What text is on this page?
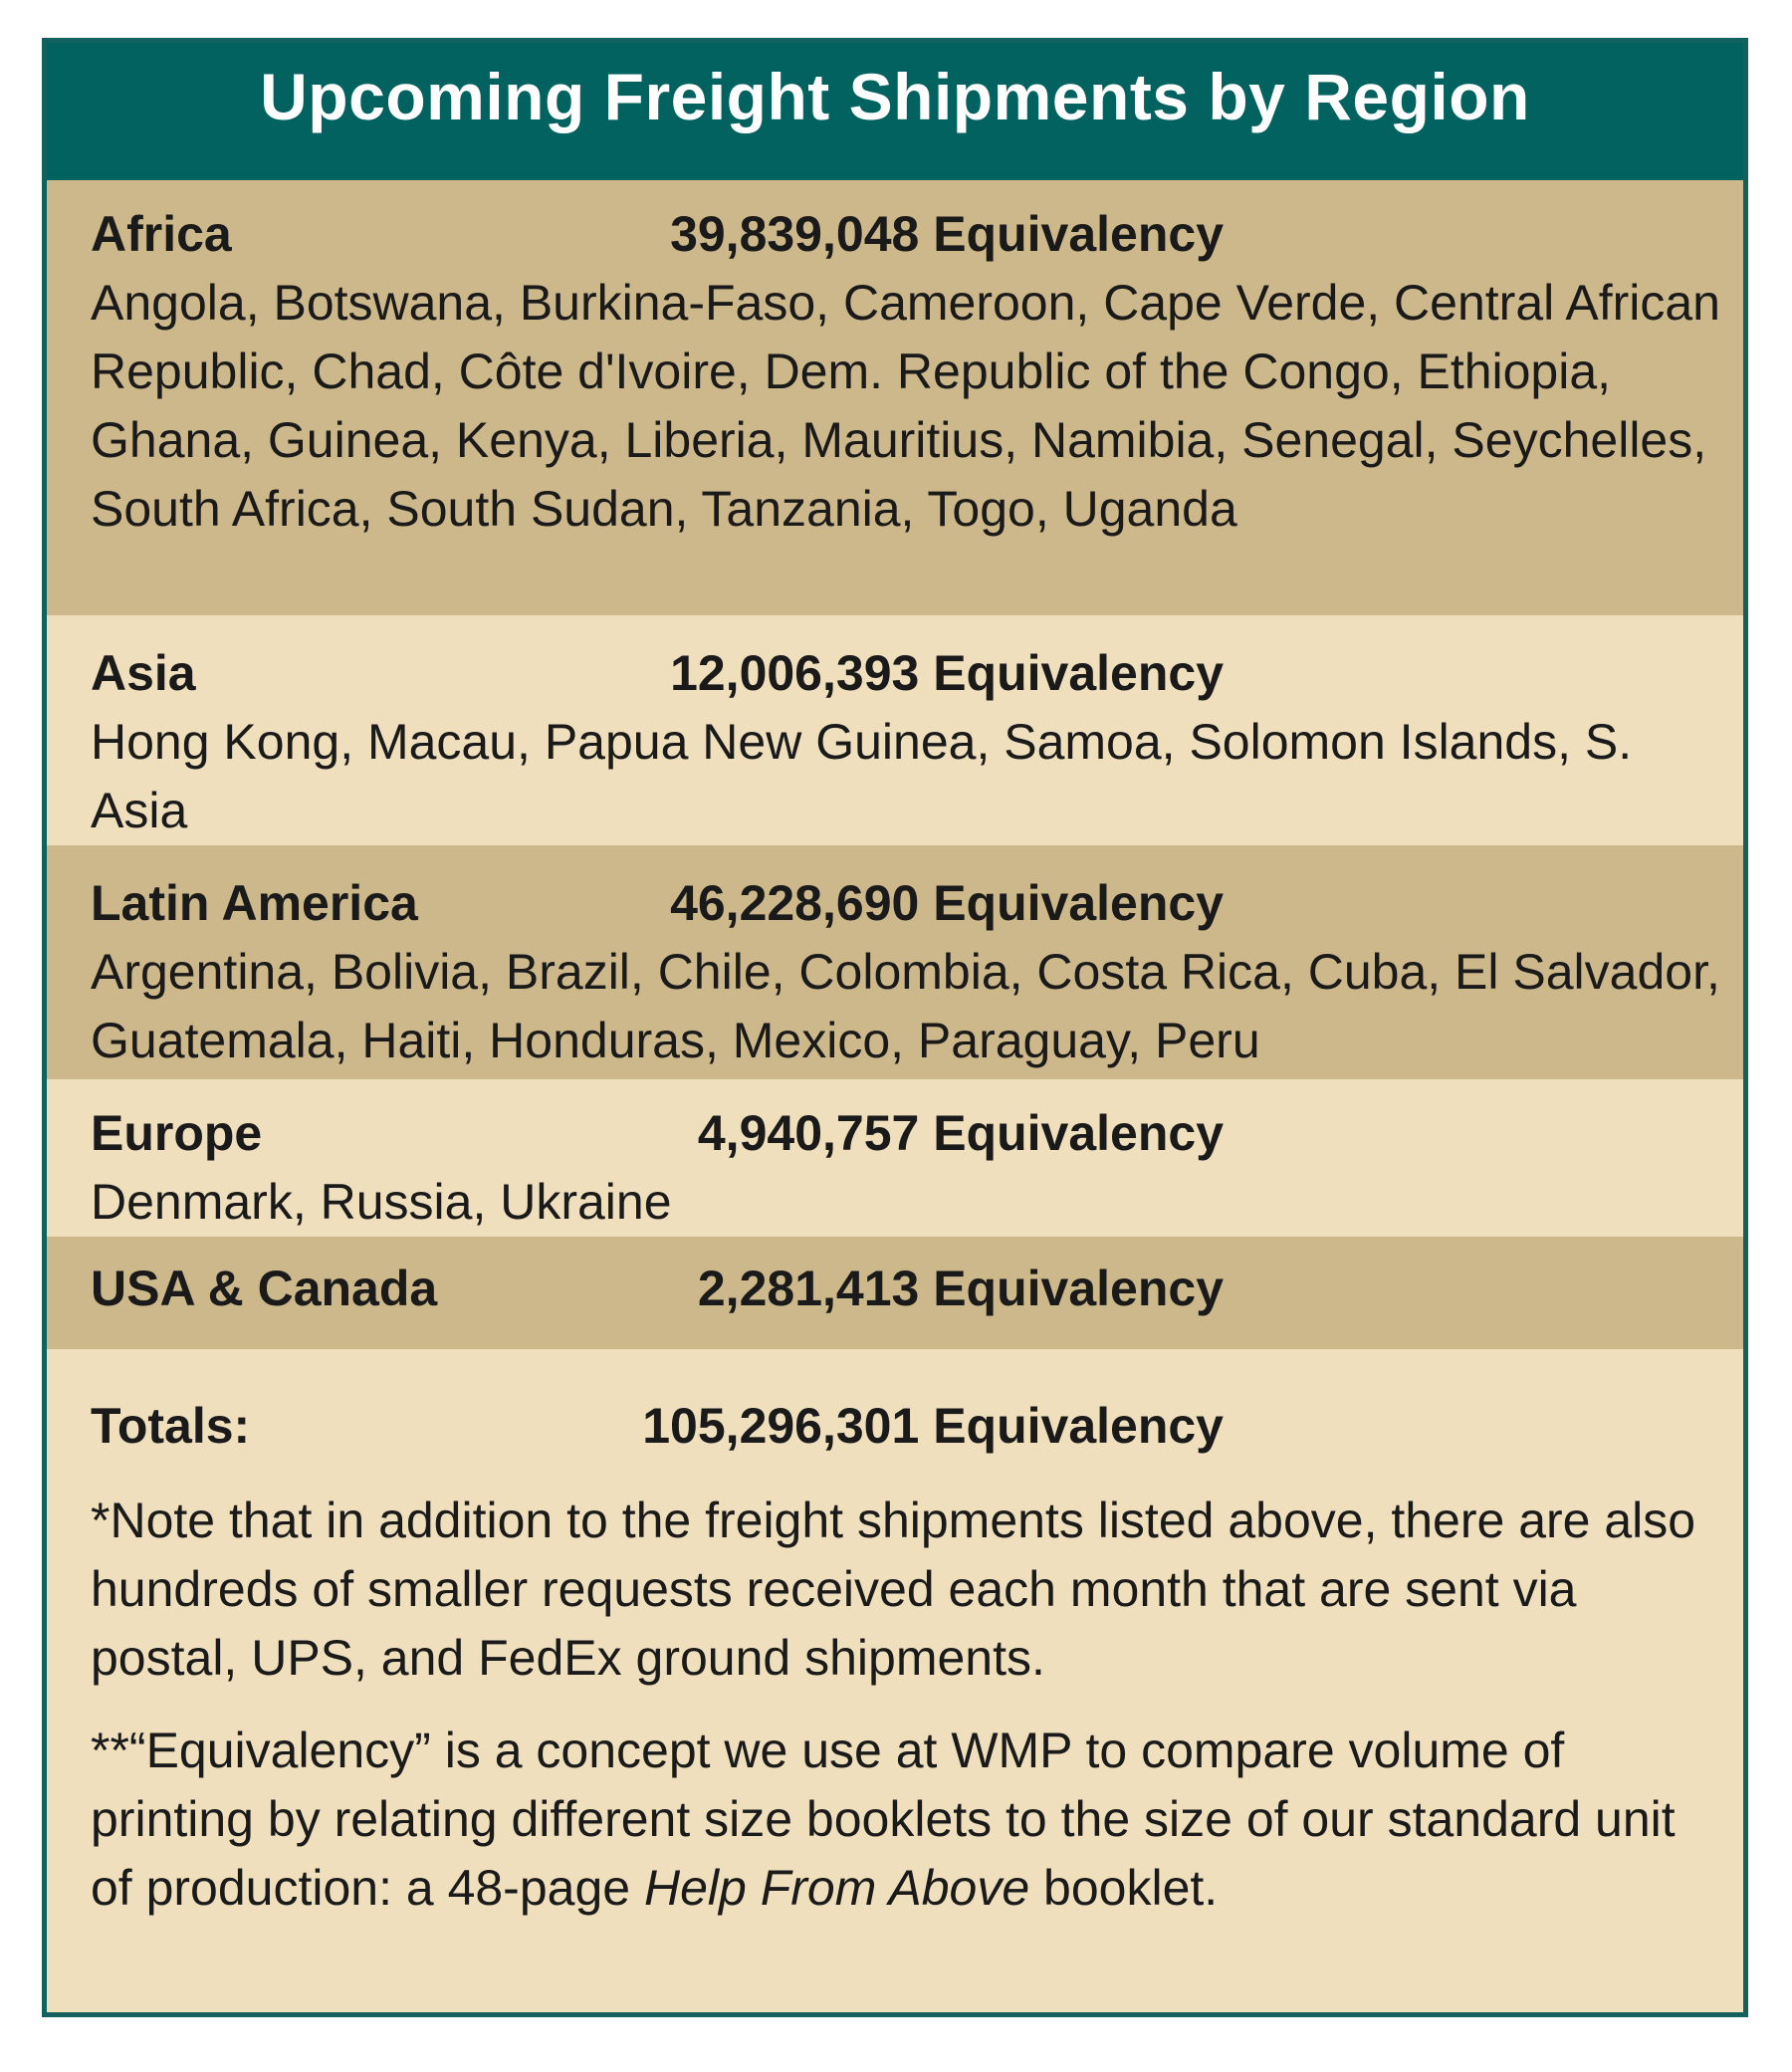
Upcoming Freight Shipments by Region
Africa	39,839,048 Equivalency

Angola, Botswana, Burkina-Faso, Cameroon, Cape Verde, Central African Republic, Chad, Côte d'Ivoire, Dem. Republic of the Congo, Ethiopia, Ghana, Guinea, Kenya, Liberia, Mauritius, Namibia, Senegal, Seychelles, South Africa, South Sudan, Tanzania, Togo, Uganda

Asia	12,006,393 Equivalency

Hong Kong, Macau, Papua New Guinea, Samoa, Solomon Islands, S. Asia

Latin America	46,228,690 Equivalency

Argentina, Bolivia, Brazil, Chile, Colombia, Costa Rica, Cuba, El Salvador, Guatemala, Haiti, Honduras, Mexico, Paraguay, Peru

Europe	4,940,757 Equivalency

Denmark, Russia, Ukraine

USA & Canada	2,281,413 Equivalency
Totals:	105,296,301 Equivalency

*Note that in addition to the freight shipments listed above, there are also hundreds of smaller requests received each month that are sent via postal, UPS, and FedEx ground shipments.

**“Equivalency” is a concept we use at WMP to compare volume of printing by relating different size booklets to the size of our standard unit of production: a 48-page Help From Above booklet.
